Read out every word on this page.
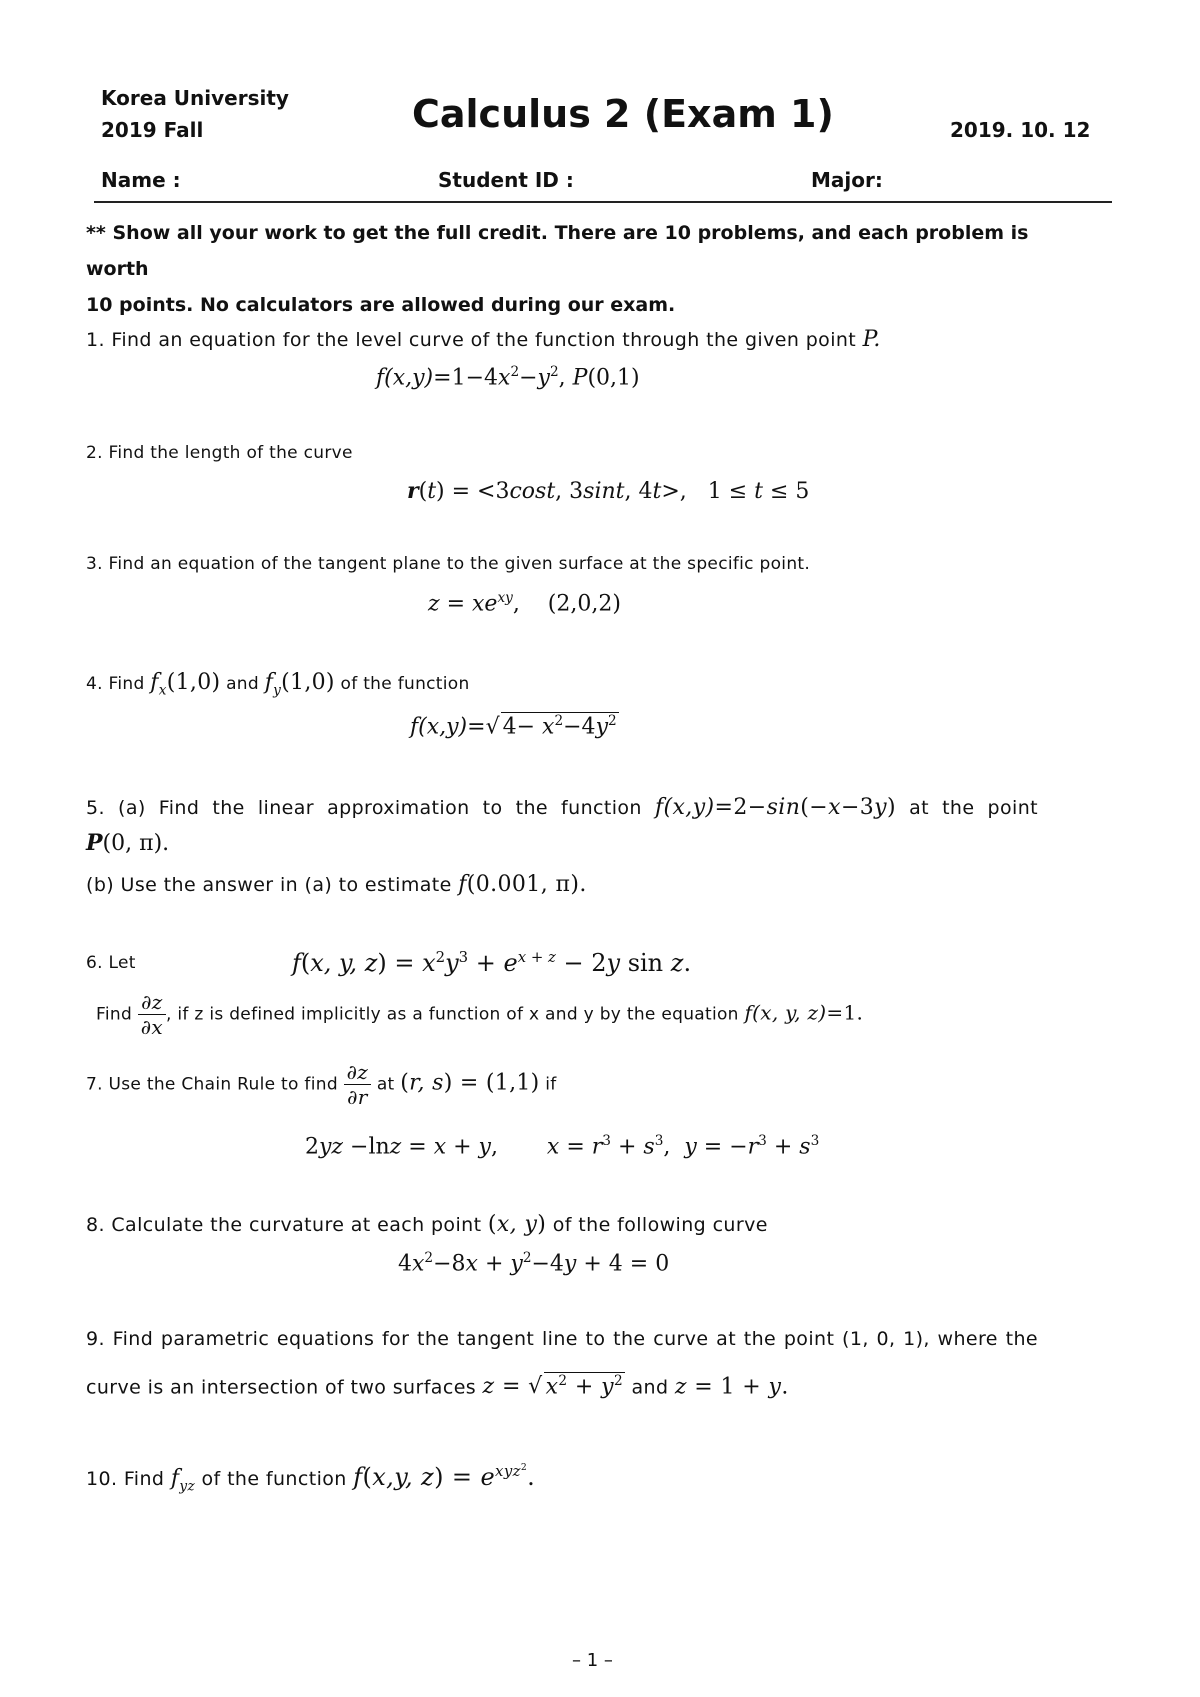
Korea University
2019 Fall	Calculus 2 (Exam 1)	2019. 10. 12
Name :	Student ID :	Major:
** Show all your work to get the full credit. There are 10 problems, and each problem is worth
10 points. No calculators are allowed during our exam.
1. Find an equation for the level curve of the function through the given point P.
$f(x,y)=1-4x^2-y^2$, P(0,1)
2. Find the length of the curve
r(t) = <3cost, 3sint, 4t>,   1 ≤ t ≤ 5
3. Find an equation of the tangent plane to the given surface at the specific point.
$z = xe^{xy}$,    (2,0,2)
4. Find $f_x(1,0)$ and $f_y(1,0)$ of the function
f(x,y)=√ $4- x^2-4y^2$
5. (a) Find the linear approximation to the function f(x,y)=2−sin(−x−3y) at the point
P(0, π).
(b) Use the answer in (a) to estimate f(0.001, π).
6. Let	f(x, y, $z) = x^2y^3 + e^{x + z} - 2y$ sin z.
Find $\frac{\partial z}{\partial x}$ , if z is defined implicitly as a function of x and y by the equation f(x, y, z)=1.
7. Use the Chain Rule to find $\frac{\partial z}{\partial r}$ at (r, s) = (1,1) if
2yz −lnz = x + y,       $x = r^3 + s^3$,  $y = -r^3 + s^3$
8. Calculate the curvature at each point (x, y) of the following curve
$4x^2-8x + y^2-4y + 4 = 0$
9. Find parametric equations for the tangent line to the curve at the point (1, 0, 1), where the
curve is an intersection of two surfaces z = √ $x^2 + y^2$ and z = 1 + y.
10. Find $f_{yz}$ of the function f(x,y, $z) = e^{xyz^2}$.
– 1 –
